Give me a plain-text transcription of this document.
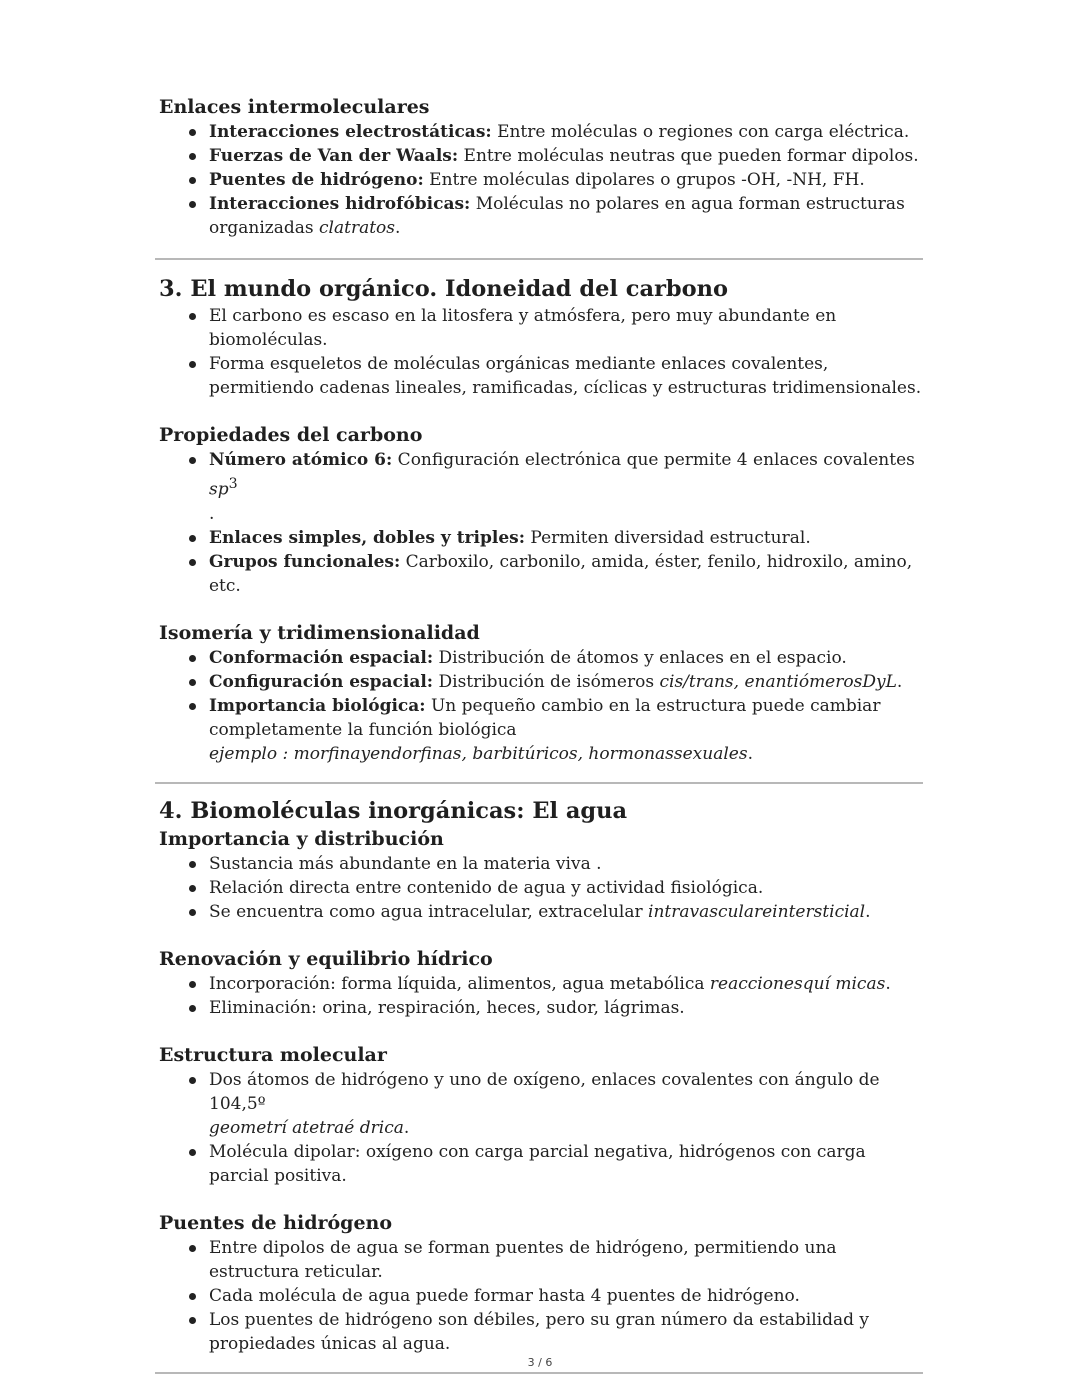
Enlaces intermoleculares
Interacciones electrostáticas: Entre moléculas o regiones con carga eléctrica.
Fuerzas de Van der Waals: Entre moléculas neutras que pueden formar dipolos.
Puentes de hidrógeno: Entre moléculas dipolares o grupos -OH, -NH, FH.
Interacciones hidrofóbicas: Moléculas no polares en agua forman estructuras organizadas clatratos.
3. El mundo orgánico. Idoneidad del carbono
El carbono es escaso en la litosfera y atmósfera, pero muy abundante en biomoléculas.
Forma esqueletos de moléculas orgánicas mediante enlaces covalentes, permitiendo cadenas lineales, ramificadas, cíclicas y estructuras tridimensionales.
Propiedades del carbono
Número atómico 6: Configuración electrónica que permite 4 enlaces covalentes $sp^3$
.
Enlaces simples, dobles y triples: Permiten diversidad estructural.
Grupos funcionales: Carboxilo, carbonilo, amida, éster, fenilo, hidroxilo, amino, etc.
Isomería y tridimensionalidad
Conformación espacial: Distribución de átomos y enlaces en el espacio.
Configuración espacial: Distribución de isómeros cis/trans, enantiómerosDyL.
Importancia biológica: Un pequeño cambio en la estructura puede cambiar completamente la función biológica
ejemplo : morfinayendorfinas, barbitúricos, hormonassexuales.
4. Biomoléculas inorgánicas: El agua
Importancia y distribución
Sustancia más abundante en la materia viva .
Relación directa entre contenido de agua y actividad fisiológica.
Se encuentra como agua intracelular, extracelular intravasculareintersticial.
Renovación y equilibrio hídrico
Incorporación: forma líquida, alimentos, agua metabólica reaccionesquí micas.
Eliminación: orina, respiración, heces, sudor, lágrimas.
Estructura molecular
Dos átomos de hidrógeno y uno de oxígeno, enlaces covalentes con ángulo de 104,5º
geometrí atetraé drica.
Molécula dipolar: oxígeno con carga parcial negativa, hidrógenos con carga parcial positiva.
Puentes de hidrógeno
Entre dipolos de agua se forman puentes de hidrógeno, permitiendo una estructura reticular.
Cada molécula de agua puede formar hasta 4 puentes de hidrógeno.
Los puentes de hidrógeno son débiles, pero su gran número da estabilidad y propiedades únicas al agua.
3 / 6
